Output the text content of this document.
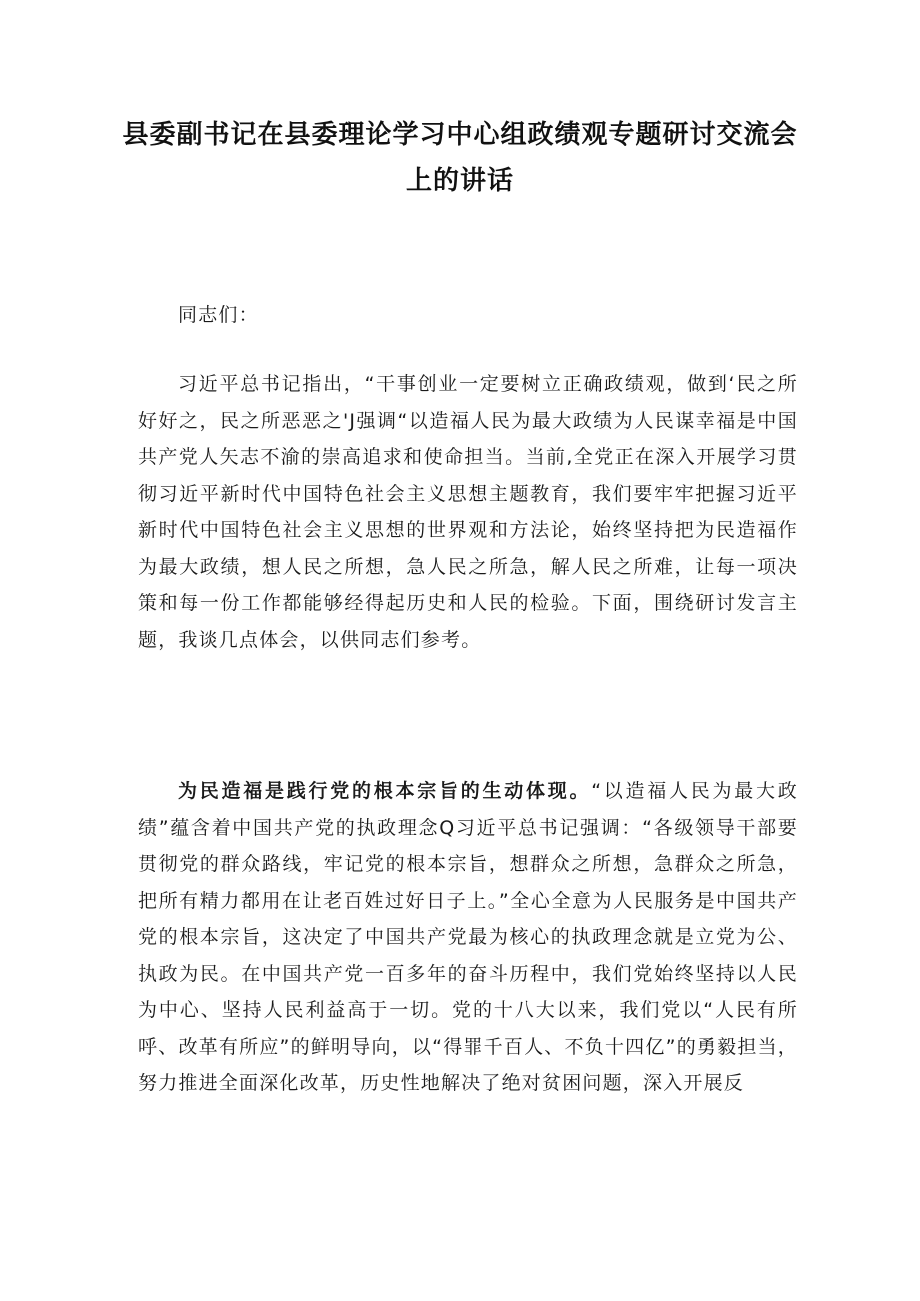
县委副书记在县委理论学习中心组政绩观专题研讨交流会上的讲话

同志们：

习近平总书记指出，“干事创业一定要树立正确政绩观，做到‘民之所好好之，民之所恶恶之'J强调“以造福人民为最大政绩为人民谋幸福是中国共产党人矢志不渝的崇高追求和使命担当。当前,全党正在深入开展学习贯彻习近平新时代中国特色社会主义思想主题教育，我们要牢牢把握习近平新时代中国特色社会主义思想的世界观和方法论，始终坚持把为民造福作为最大政绩，想人民之所想，急人民之所急，解人民之所难，让每一项决策和每一份工作都能够经得起历史和人民的检验。下面，围绕研讨发言主题，我谈几点体会，以供同志们参考。

为民造福是践行党的根本宗旨的生动体现。“以造福人民为最大政绩”蕴含着中国共产党的执政理念Q习近平总书记强调：“各级领导干部要贯彻党的群众路线，牢记党的根本宗旨，想群众之所想，急群众之所急，把所有精力都用在让老百姓过好日子上。”全心全意为人民服务是中国共产党的根本宗旨，这决定了中国共产党最为核心的执政理念就是立党为公、执政为民。在中国共产党一百多年的奋斗历程中，我们党始终坚持以人民为中心、坚持人民利益高于一切。党的十八大以来，我们党以“人民有所呼、改革有所应”的鲜明导向，以“得罪千百人、不负十四亿”的勇毅担当，努力推进全面深化改革，历史性地解决了绝对贫困问题，深入开展反
